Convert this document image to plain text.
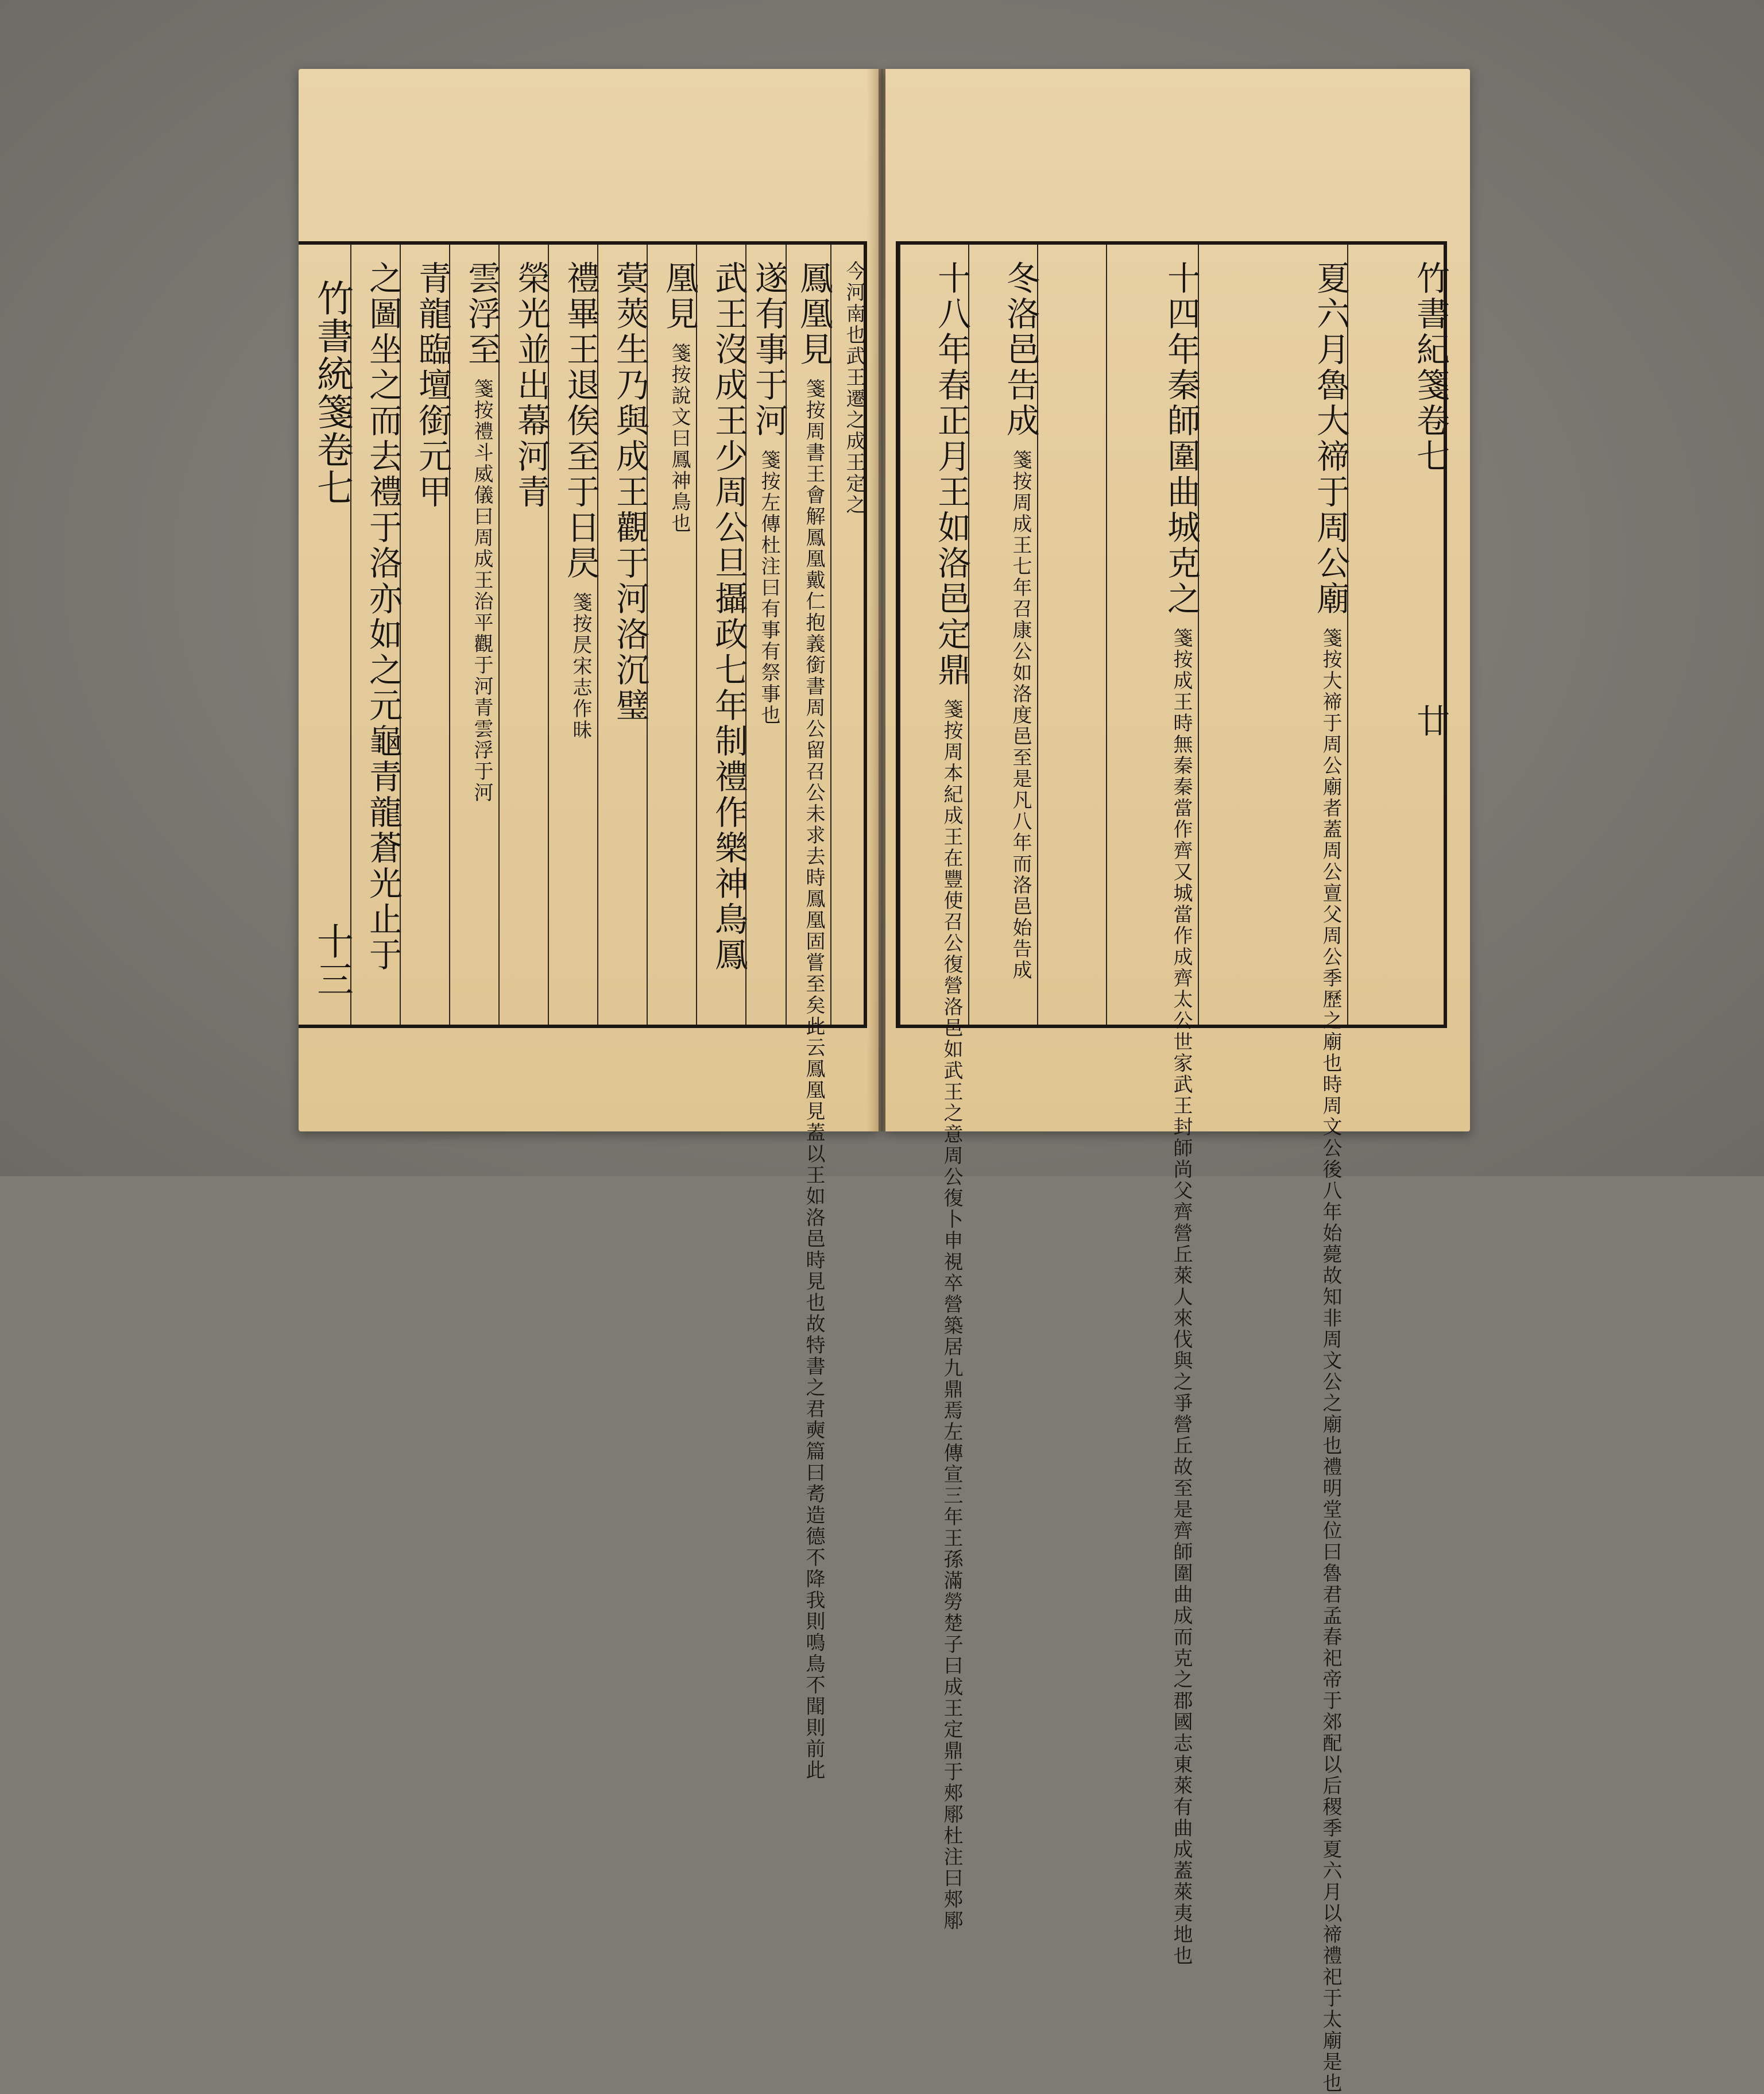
竹書統箋卷七
十三 之圖坐之而去禮于洛亦如之元龜青龍蒼光止于 青龍臨壇銜元甲 雲浮至 箋按禮斗威儀曰周成王治平觀于河青雲浮于河 榮光並出幕河青 禮畢王退俟至于日昃 箋按昃宋志作昧 蓂莢生乃與成王觀于河洛沉璧 凰見 箋按說文曰鳳神鳥也 武王沒成王少周公旦攝政七年制禮作樂神鳥鳳 遂有事于河 箋按左傳杜注曰有事有祭事也
鳳凰見 箋按周書王會解鳳凰戴仁抱義銜書周公留召公未求去時鳳凰固嘗至矣此云鳳凰見蓋以王如洛邑時見也故特書之君奭篇曰耉造德不降我則鳴鳥不聞則前此 今河南也武王遷之成王定之	十八年春正月王如洛邑定鼎 箋按周本紀成王在豐使召公復營洛邑如武王之意周公復卜申視卒營築居九鼎焉左傳宣三年王孫滿勞楚子曰成王定鼎于郟鄏杜注曰郟鄏
冬洛邑告成 箋按周成王七年召康公如洛度邑至是凡八年而洛邑始告成
十四年秦師圍曲城克之 箋按成王時無秦秦當作齊又城當作成齊太公世家武王封師尚父齊營丘萊人來伐與之爭營丘故至是齊師圍曲成而克之郡國志東萊有曲成蓋萊夷地也
夏六月魯大禘于周公廟 箋按大禘于周公廟者蓋周公亶父周公季歷之廟也時周文公後八年始薨故知非周文公之廟也禮明堂位曰魯君孟春祀帝于郊配以后稷季夏六月以禘禮祀于太廟是也
竹書紀箋卷七 廿
